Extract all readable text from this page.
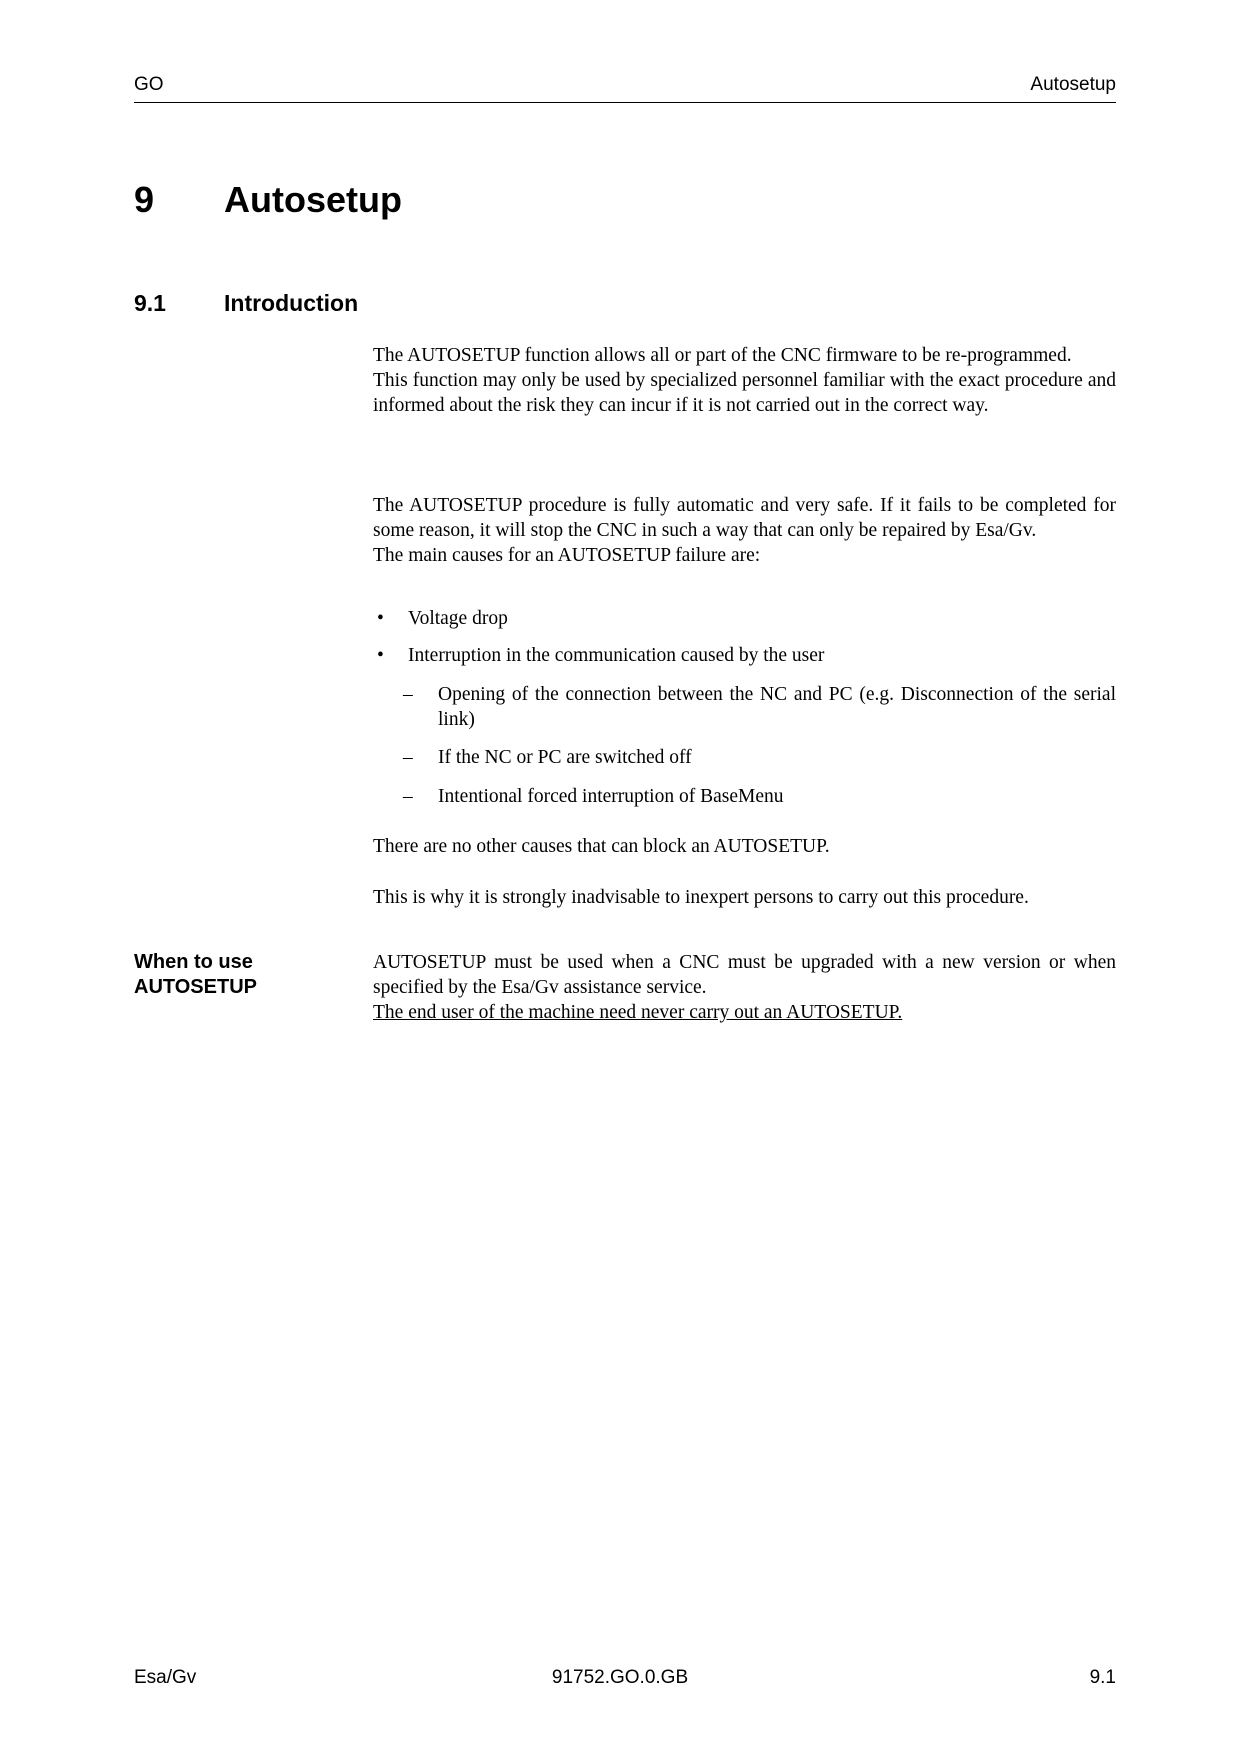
GO	Autosetup
9 Autosetup
9.1	Introduction

The AUTOSETUP function allows all or part of the CNC firmware to be re-programmed.

This function may only be used by specialized personnel familiar with the exact procedure and informed about the risk they can incur if it is not carried out in the correct way.

The AUTOSETUP procedure is fully automatic and very safe. If it fails to be completed for some reason, it will stop the CNC in such a way that can only be repaired by Esa/Gv.

The main causes for an AUTOSETUP failure are:

• Voltage drop
• Interruption in the communication caused by the user
– Opening of the connection between the NC and PC (e.g. Disconnection of the serial link)
– If the NC or PC are switched off
– Intentional forced interruption of BaseMenu
There are no other causes that can block an AUTOSETUP.
This is why it is strongly inadvisable to inexpert persons to carry out this procedure.
When to use
AUTOSETUP

AUTOSETUP must be used when a CNC must be upgraded with a new version or when specified by the Esa/Gv assistance service.

The end user of the machine need never carry out an AUTOSETUP.

Esa/Gv	91752.GO.0.GB	9.1
